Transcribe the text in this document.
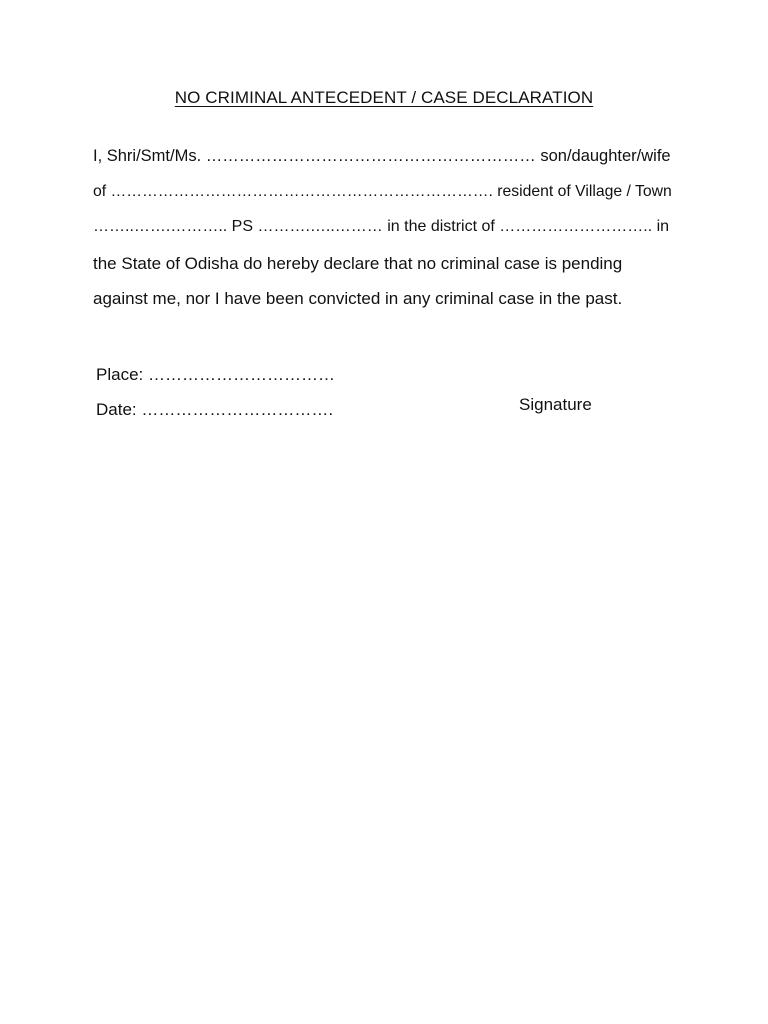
NO CRIMINAL ANTECEDENT / CASE DECLARATION
I, Shri/Smt/Ms. …………………………………………………… son/daughter/wife
of ………………………………………………………………. resident of Village / Town
……..…….……….. PS ……….…..……… in the district of ……………………….. in
the State of Odisha do hereby declare that no criminal case is pending
against me, nor I have been convicted in any criminal case in the past.
Place: ……………………………
Date: …………………………….	Signature
